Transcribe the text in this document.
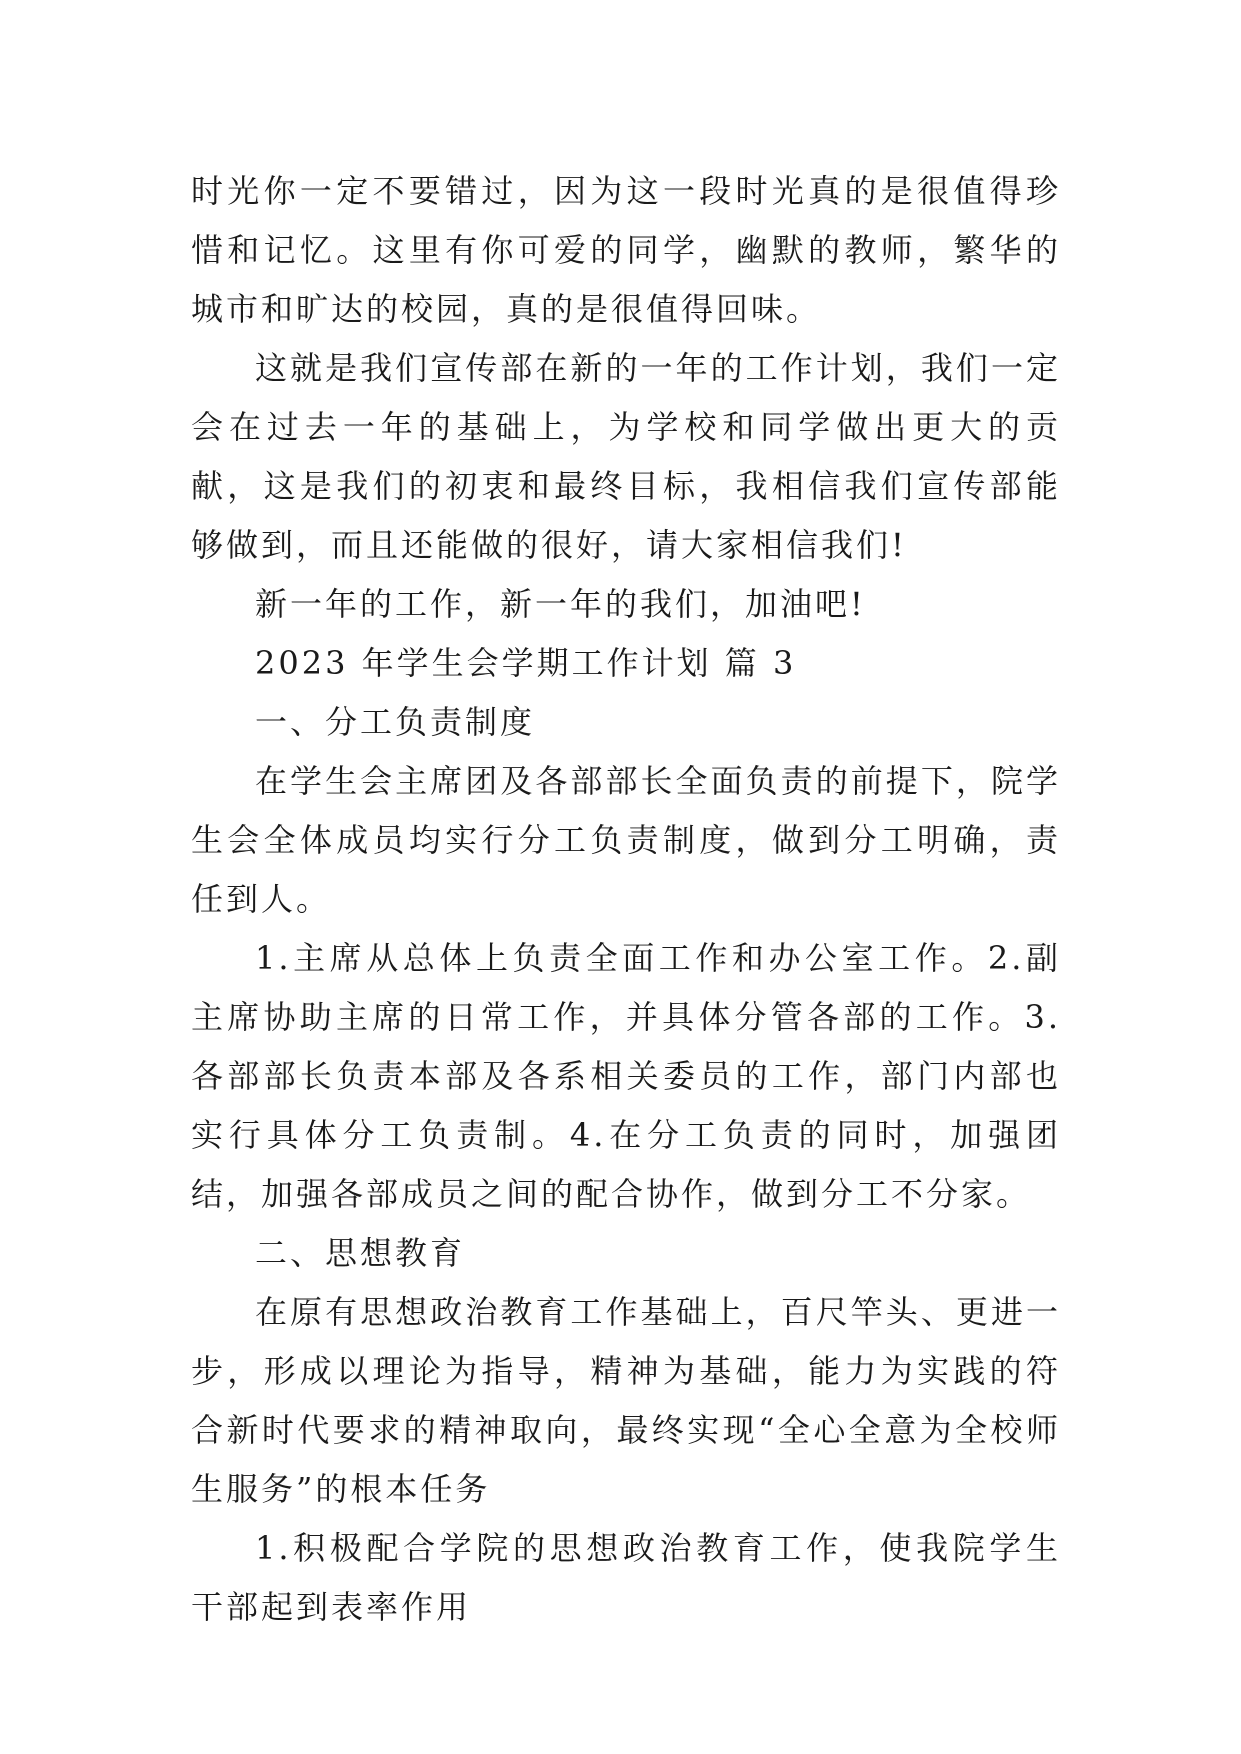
时光你一定不要错过，因为这一段时光真的是很值得珍惜和记忆。这里有你可爱的同学，幽默的教师，繁华的城市和旷达的校园，真的是很值得回味。

这就是我们宣传部在新的一年的工作计划，我们一定会在过去一年的基础上，为学校和同学做出更大的贡献，这是我们的初衷和最终目标，我相信我们宣传部能够做到，而且还能做的很好，请大家相信我们!

新一年的工作，新一年的我们，加油吧!

2023 年学生会学期工作计划 篇 3

一、分工负责制度

在学生会主席团及各部部长全面负责的前提下，院学生会全体成员均实行分工负责制度，做到分工明确，责任到人。

1.主席从总体上负责全面工作和办公室工作。2.副主席协助主席的日常工作，并具体分管各部的工作。3.各部部长负责本部及各系相关委员的工作，部门内部也实行具体分工负责制。4.在分工负责的同时，加强团结，加强各部成员之间的配合协作，做到分工不分家。

二、思想教育

在原有思想政治教育工作基础上，百尺竿头、更进一步，形成以理论为指导，精神为基础，能力为实践的符合新时代要求的精神取向，最终实现“全心全意为全校师生服务”的根本任务

1.积极配合学院的思想政治教育工作，使我院学生干部起到表率作用
